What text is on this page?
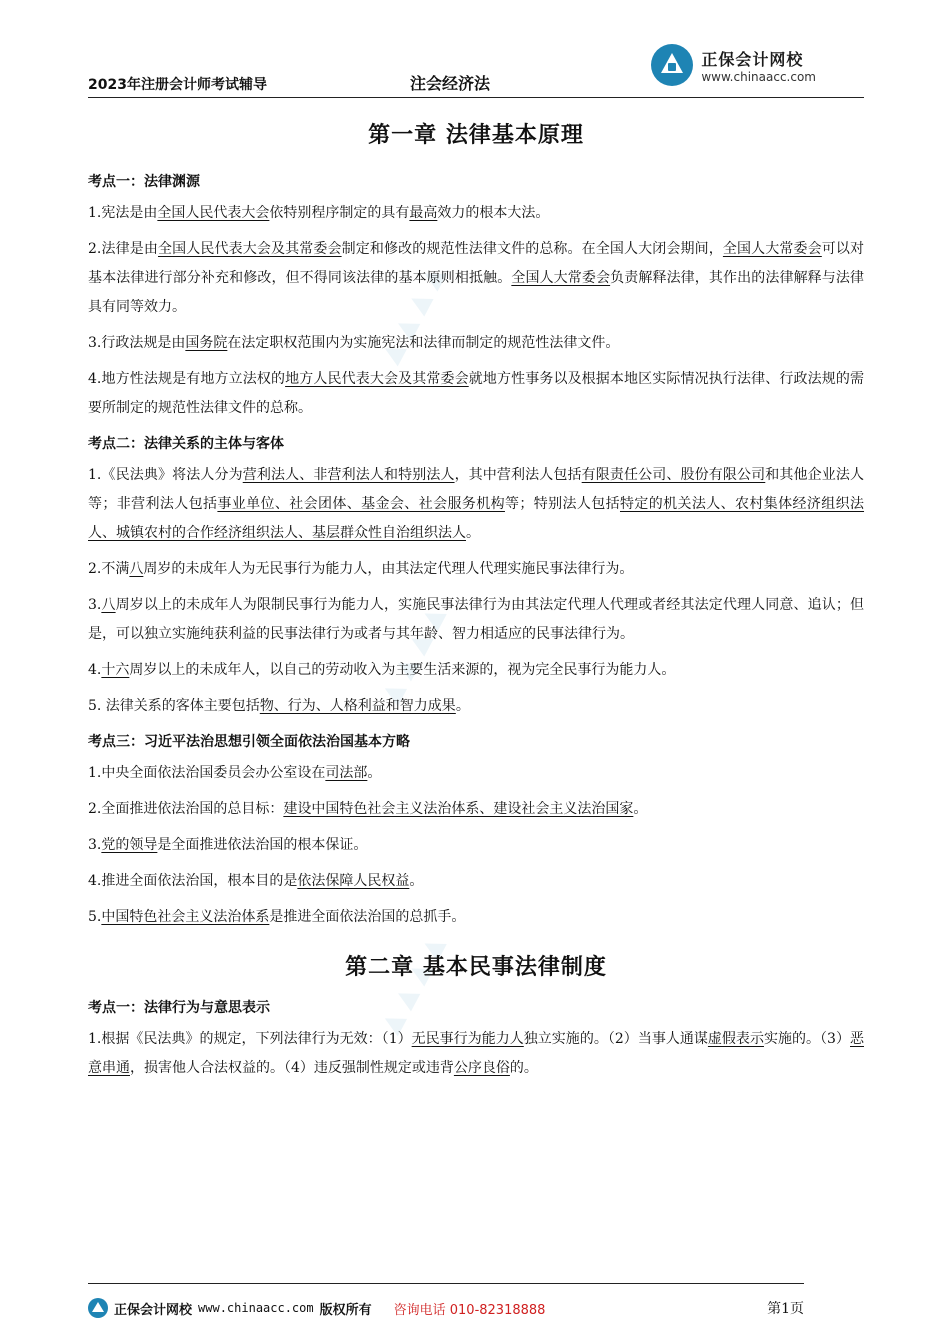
2023年注册会计师考试辅导	注会经济法
正保会计网校
www.chinaacc.com
▲ ▲ ▲ ▲
▲ ▲ ▲ ▲
▲ ▲ ▲ ▲
第一章 法律基本原理
考点一：法律渊源

1.宪法是由全国人民代表大会依特别程序制定的具有最高效力的根本大法。

2.法律是由全国人民代表大会及其常委会制定和修改的规范性法律文件的总称。在全国人大闭会期间，全国人大常委会可以对基本法律进行部分补充和修改，但不得同该法律的基本原则相抵触。全国人大常委会负责解释法律，其作出的法律解释与法律具有同等效力。

3.行政法规是由国务院在法定职权范围内为实施宪法和法律而制定的规范性法律文件。

4.地方性法规是有地方立法权的地方人民代表大会及其常委会就地方性事务以及根据本地区实际情况执行法律、行政法规的需要所制定的规范性法律文件的总称。

考点二：法律关系的主体与客体

1.《民法典》将法人分为营利法人、非营利法人和特别法人，其中营利法人包括有限责任公司、股份有限公司和其他企业法人等；非营利法人包括事业单位、社会团体、基金会、社会服务机构等；特别法人包括特定的机关法人、农村集体经济组织法人、城镇农村的合作经济组织法人、基层群众性自治组织法人。

2.不满八周岁的未成年人为无民事行为能力人，由其法定代理人代理实施民事法律行为。

3.八周岁以上的未成年人为限制民事行为能力人，实施民事法律行为由其法定代理人代理或者经其法定代理人同意、追认；但是，可以独立实施纯获利益的民事法律行为或者与其年龄、智力相适应的民事法律行为。

4.十六周岁以上的未成年人，以自己的劳动收入为主要生活来源的，视为完全民事行为能力人。

5. 法律关系的客体主要包括物、行为、人格利益和智力成果。

考点三：习近平法治思想引领全面依法治国基本方略

1.中央全面依法治国委员会办公室设在司法部。

2.全面推进依法治国的总目标：建设中国特色社会主义法治体系、建设社会主义法治国家。

3.党的领导是全面推进依法治国的根本保证。

4.推进全面依法治国，根本目的是依法保障人民权益。

5.中国特色社会主义法治体系是推进全面依法治国的总抓手。

第二章 基本民事法律制度
考点一：法律行为与意思表示

1.根据《民法典》的规定，下列法律行为无效：（1）无民事行为能力人独立实施的。（2）当事人通谋虚假表示实施的。（3）恶意串通，损害他人合法权益的。（4）违反强制性规定或违背公序良俗的。

正保会计网校 www.chinaacc.com 版权所有 咨询电话 010-82318888	第1页
